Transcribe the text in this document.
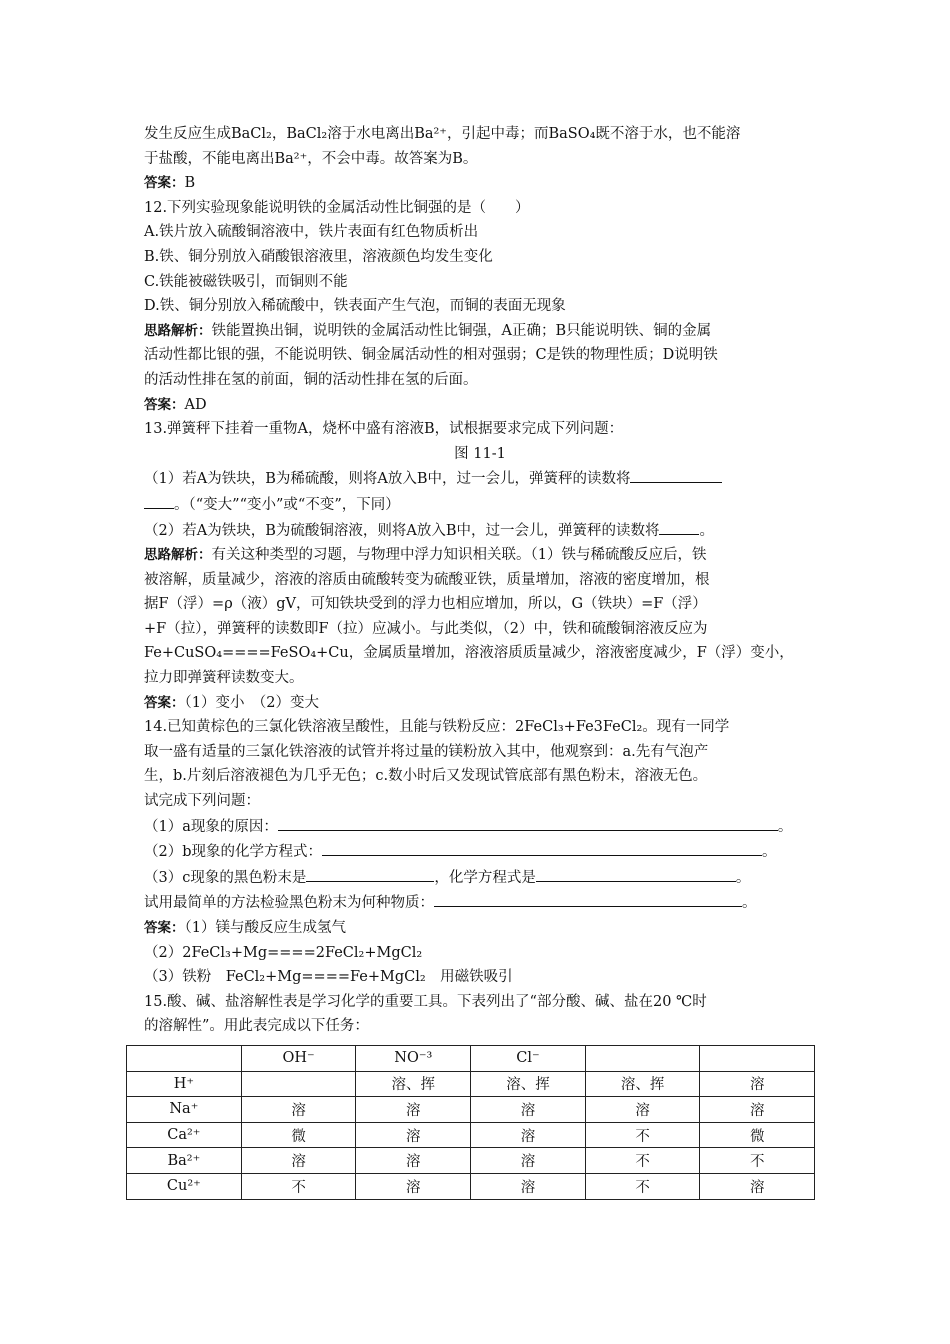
发生反应生成BaCl₂，BaCl₂溶于水电离出Ba²⁺，引起中毒；而BaSO₄既不溶于水，也不能溶

于盐酸，不能电离出Ba²⁺，不会中毒。故答案为B。

答案：B

12.下列实验现象能说明铁的金属活动性比铜强的是（　　）

A.铁片放入硫酸铜溶液中，铁片表面有红色物质析出

B.铁、铜分别放入硝酸银溶液里，溶液颜色均发生变化

C.铁能被磁铁吸引，而铜则不能

D.铁、铜分别放入稀硫酸中，铁表面产生气泡，而铜的表面无现象

思路解析：铁能置换出铜，说明铁的金属活动性比铜强，A正确；B只能说明铁、铜的金属

活动性都比银的强，不能说明铁、铜金属活动性的相对强弱；C是铁的物理性质；D说明铁

的活动性排在氢的前面，铜的活动性排在氢的后面。

答案：AD

13.弹簧秤下挂着一重物A，烧杯中盛有溶液B，试根据要求完成下列问题：

图 11-1

（1）若A为铁块，B为稀硫酸，则将A放入B中，过一会儿，弹簧秤的读数将

。（“变大”“变小”或“不变”，下同）

（2）若A为铁块，B为硫酸铜溶液，则将A放入B中，过一会儿，弹簧秤的读数将	。

思路解析：有关这种类型的习题，与物理中浮力知识相关联。（1）铁与稀硫酸反应后，铁

被溶解，质量减少，溶液的溶质由硫酸转变为硫酸亚铁，质量增加，溶液的密度增加，根

据F（浮）=ρ（液）gV，可知铁块受到的浮力也相应增加，所以，G（铁块）=F（浮）

+F（拉），弹簧秤的读数即F（拉）应减小。与此类似，（2）中，铁和硫酸铜溶液反应为

Fe+CuSO₄====FeSO₄+Cu，金属质量增加，溶液溶质质量减少，溶液密度减少，F（浮）变小，

拉力即弹簧秤读数变大。

答案：（1）变小　（2）变大

14.已知黄棕色的三氯化铁溶液呈酸性，且能与铁粉反应：2FeCl₃+Fe3FeCl₂。现有一同学

取一盛有适量的三氯化铁溶液的试管并将过量的镁粉放入其中，他观察到：a.先有气泡产

生，b.片刻后溶液褪色为几乎无色；c.数小时后又发现试管底部有黑色粉末，溶液无色。

试完成下列问题：

（1）a现象的原因：	。

（2）b现象的化学方程式：	。

（3）c现象的黑色粉末是	，化学方程式是	。

试用最简单的方法检验黑色粉末为何种物质：	。

答案：（1）镁与酸反应生成氢气

（2）2FeCl₃+Mg====2FeCl₂+MgCl₂

（3）铁粉　FeCl₂+Mg====Fe+MgCl₂　用磁铁吸引

15.酸、碱、盐溶解性表是学习化学的重要工具。下表列出了“部分酸、碱、盐在20 ℃时

的溶解性”。用此表完成以下任务：

	OH⁻	NO⁻³	Cl⁻		
H⁺		溶、挥	溶、挥	溶、挥	溶
Na⁺	溶	溶	溶	溶	溶
Ca²⁺	微	溶	溶	不	微
Ba²⁺	溶	溶	溶	不	不
Cu²⁺	不	溶	溶	不	溶
